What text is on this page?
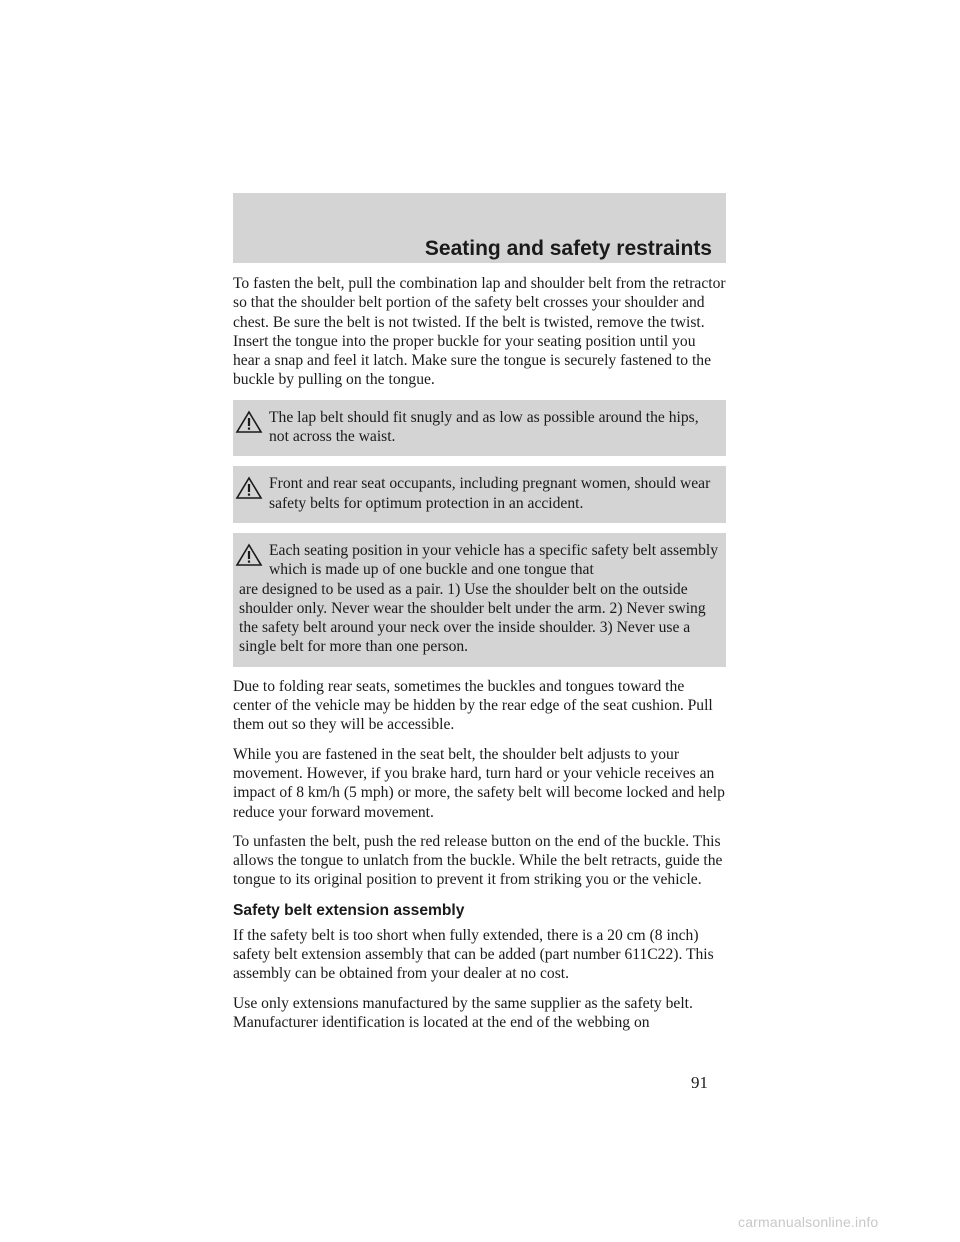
Seating and safety restraints

To fasten the belt, pull the combination lap and shoulder belt from the retractor so that the shoulder belt portion of the safety belt crosses your shoulder and chest. Be sure the belt is not twisted. If the belt is twisted, remove the twist. Insert the tongue into the proper buckle for your seating position until you hear a snap and feel it latch. Make sure the tongue is securely fastened to the buckle by pulling on the tongue.

The lap belt should fit snugly and as low as possible around the hips, not across the waist.
Front and rear seat occupants, including pregnant women, should wear safety belts for optimum protection in an accident.
Each seating position in your vehicle has a specific safety belt assembly which is made up of one buckle and one tongue that
are designed to be used as a pair. 1) Use the shoulder belt on the outside shoulder only. Never wear the shoulder belt under the arm. 2) Never swing the safety belt around your neck over the inside shoulder. 3) Never use a single belt for more than one person.

Due to folding rear seats, sometimes the buckles and tongues toward the center of the vehicle may be hidden by the rear edge of the seat cushion. Pull them out so they will be accessible.

While you are fastened in the seat belt, the shoulder belt adjusts to your movement. However, if you brake hard, turn hard or your vehicle receives an impact of 8 km/h (5 mph) or more, the safety belt will become locked and help reduce your forward movement.

To unfasten the belt, push the red release button on the end of the buckle. This allows the tongue to unlatch from the buckle. While the belt retracts, guide the tongue to its original position to prevent it from striking you or the vehicle.

Safety belt extension assembly

If the safety belt is too short when fully extended, there is a 20 cm (8 inch) safety belt extension assembly that can be added (part number 611C22). This assembly can be obtained from your dealer at no cost.

Use only extensions manufactured by the same supplier as the safety belt. Manufacturer identification is located at the end of the webbing on

91
carmanualsonline.info
